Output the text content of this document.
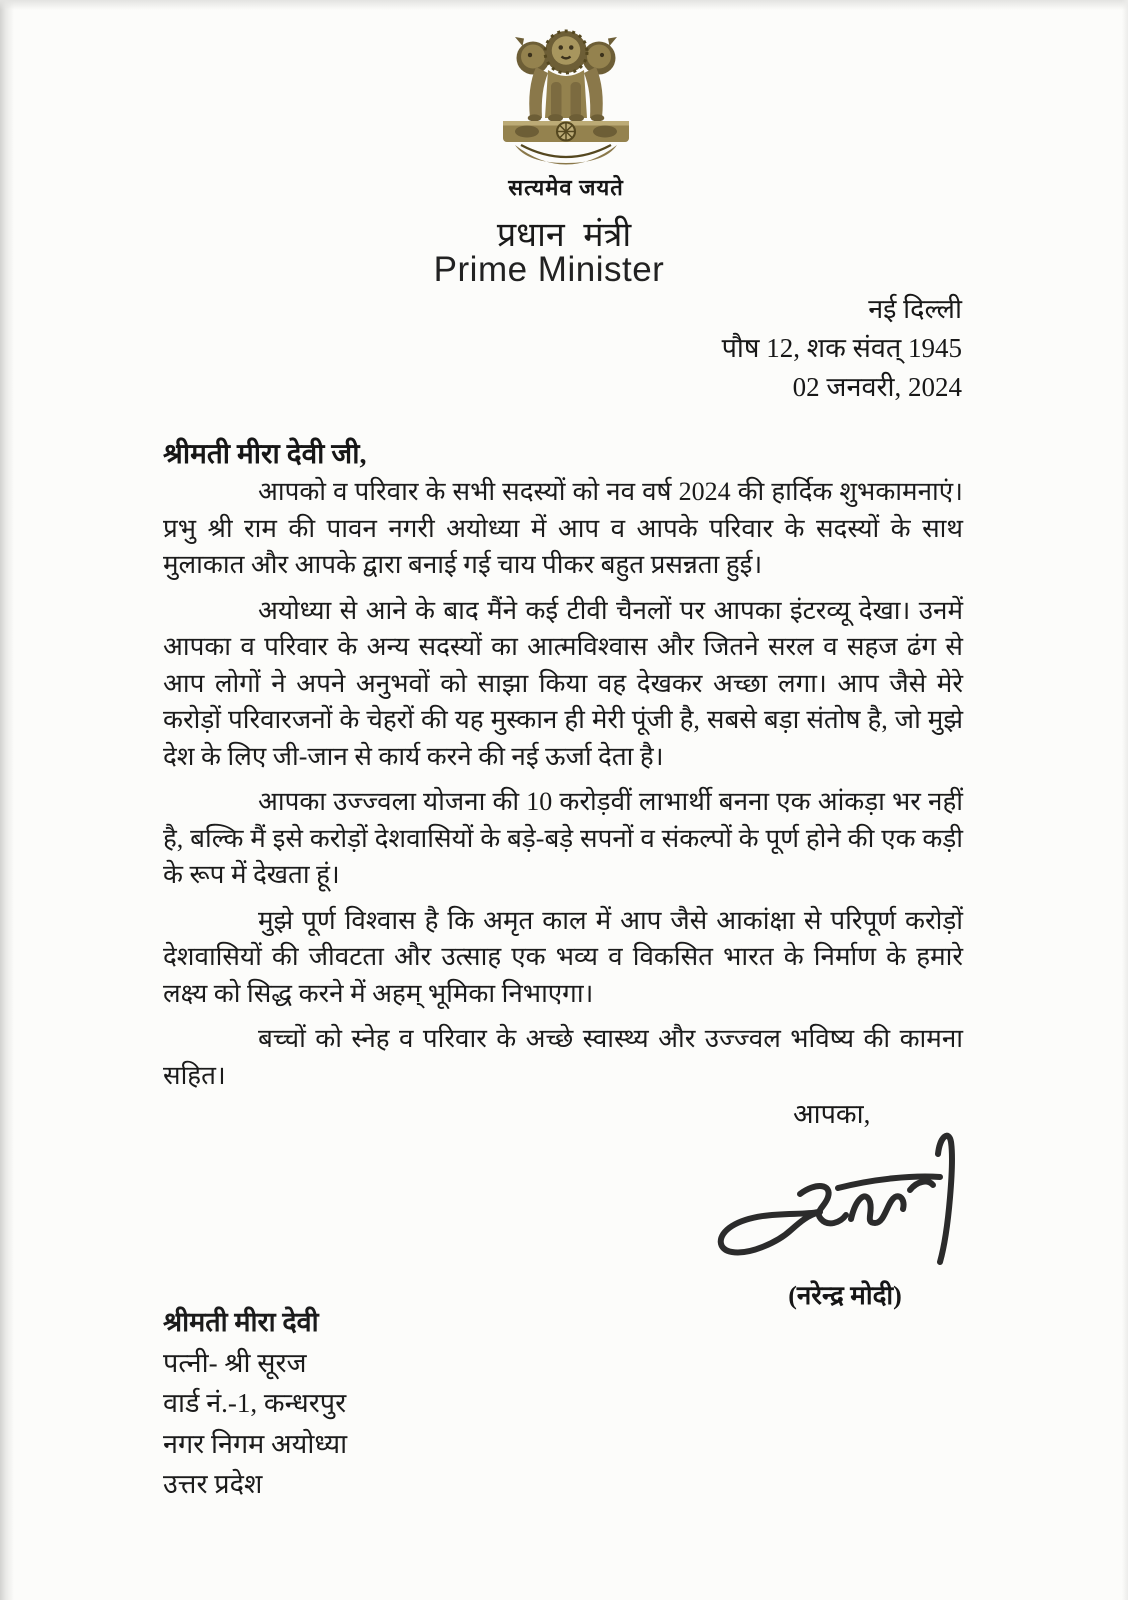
सत्यमेव जयते
प्रधान मंत्री
Prime Minister
नई दिल्ली
पौष 12, शक संवत् 1945
02 जनवरी, 2024
श्रीमती मीरा देवी जी,

आपको व परिवार के सभी सदस्यों को नव वर्ष 2024 की हार्दिक शुभकामनाएं। प्रभु श्री राम की पावन नगरी अयोध्या में आप व आपके परिवार के सदस्यों के साथ मुलाकात और आपके द्वारा बनाई गई चाय पीकर बहुत प्रसन्नता हुई।

अयोध्या से आने के बाद मैंने कई टीवी चैनलों पर आपका इंटरव्यू देखा। उनमें आपका व परिवार के अन्य सदस्यों का आत्मविश्वास और जितने सरल व सहज ढंग से आप लोगों ने अपने अनुभवों को साझा किया वह देखकर अच्छा लगा। आप जैसे मेरे करोड़ों परिवारजनों के चेहरों की यह मुस्कान ही मेरी पूंजी है, सबसे बड़ा संतोष है, जो मुझे देश के लिए जी-जान से कार्य करने की नई ऊर्जा देता है।

आपका उज्ज्वला योजना की 10 करोड़वीं लाभार्थी बनना एक आंकड़ा भर नहीं है, बल्कि मैं इसे करोड़ों देशवासियों के बड़े-बड़े सपनों व संकल्पों के पूर्ण होने की एक कड़ी के रूप में देखता हूं।

मुझे पूर्ण विश्वास है कि अमृत काल में आप जैसे आकांक्षा से परिपूर्ण करोड़ों देशवासियों की जीवटता और उत्साह एक भव्य व विकसित भारत के निर्माण के हमारे लक्ष्य को सिद्ध करने में अहम् भूमिका निभाएगा।

बच्चों को स्नेह व परिवार के अच्छे स्वास्थ्य और उज्ज्वल भविष्य की कामना सहित।

आपका,
(नरेन्द्र मोदी)
श्रीमती मीरा देवी
पत्नी- श्री सूरज
वार्ड नं.-1, कन्धरपुर
नगर निगम अयोध्या
उत्तर प्रदेश
